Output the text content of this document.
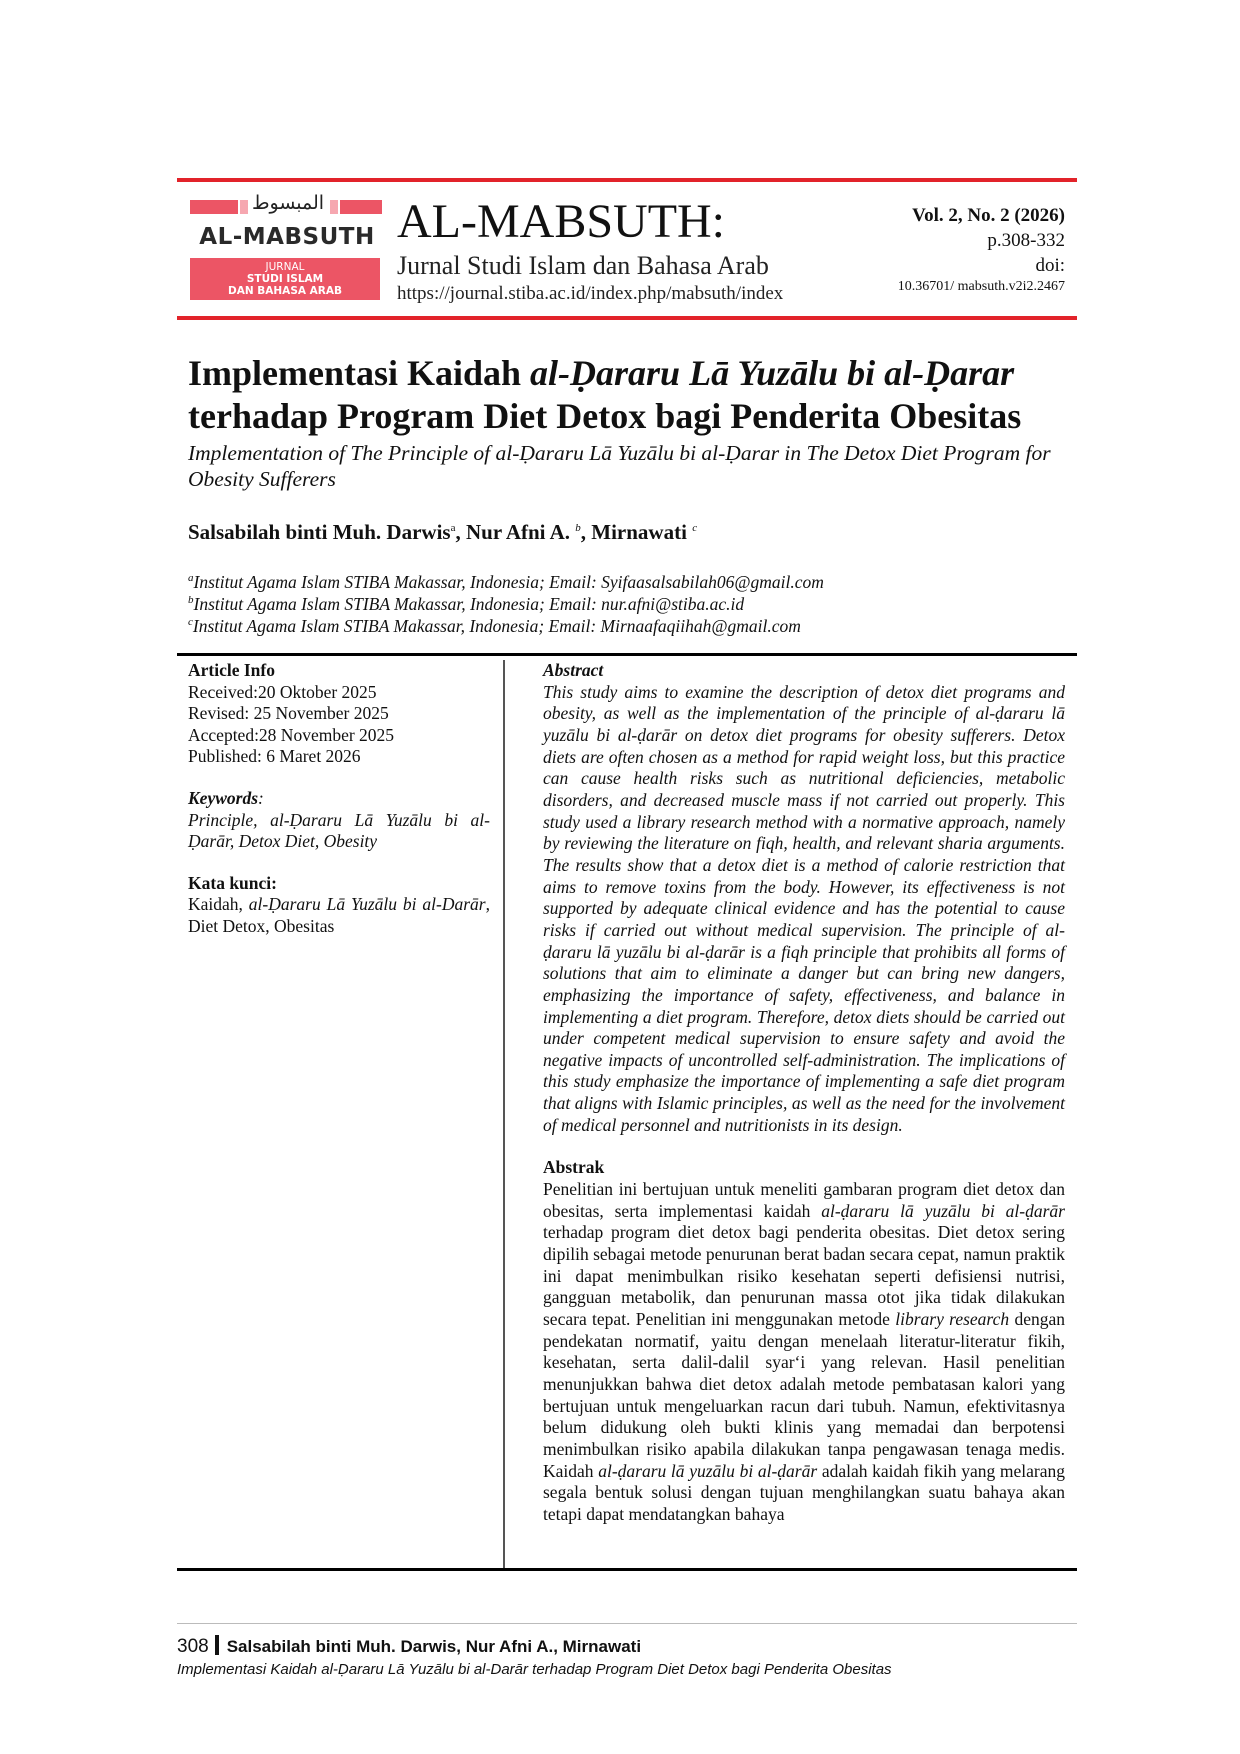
المبسوط
AL-MABSUTH
JURNAL
STUDI ISLAM
DAN BAHASA ARAB
AL-MABSUTH:
Jurnal Studi Islam dan Bahasa Arab
https://journal.stiba.ac.id/index.php/mabsuth/index
Vol. 2, No. 2 (2026)
p.308-332
doi:
10.36701/ mabsuth.v2i2.2467
Implementasi Kaidah al-Ḍararu Lā Yuzālu bi al-Ḍarar
terhadap Program Diet Detox bagi Penderita Obesitas
Implementation of The Principle of al-Ḍararu Lā Yuzālu bi al-Ḍarar in The Detox Diet Program for Obesity Sufferers
Salsabilah binti Muh. Darwis$^a$, Nur Afni A. $^b$, Mirnawati $^c$
$^a$Institut Agama Islam STIBA Makassar, Indonesia; Email: Syifaasalsabilah06@gmail.com
$^b$Institut Agama Islam STIBA Makassar, Indonesia; Email: nur.afni@stiba.ac.id
$^c$Institut Agama Islam STIBA Makassar, Indonesia; Email: Mirnaafaqiihah@gmail.com

Article Info

Received:20 Oktober 2025

Revised: 25 November 2025

Accepted:28 November 2025

Published: 6 Maret 2026

Keywords:

Principle, al-Ḍararu Lā Yuzālu bi al-Ḍarār, Detox Diet, Obesity

Kata kunci:

Kaidah, al-Ḍararu Lā Yuzālu bi al-Darār, Diet Detox, Obesitas

Abstract

This study aims to examine the description of detox diet programs and obesity, as well as the implementation of the principle of al-ḍararu lā yuzālu bi al-ḍarār on detox diet programs for obesity sufferers. Detox diets are often chosen as a method for rapid weight loss, but this practice can cause health risks such as nutritional deficiencies, metabolic disorders, and decreased muscle mass if not carried out properly. This study used a library research method with a normative approach, namely by reviewing the literature on fiqh, health, and relevant sharia arguments. The results show that a detox diet is a method of calorie restriction that aims to remove toxins from the body. However, its effectiveness is not supported by adequate clinical evidence and has the potential to cause risks if carried out without medical supervision. The principle of al-ḍararu lā yuzālu bi al-ḍarār is a fiqh principle that prohibits all forms of solutions that aim to eliminate a danger but can bring new dangers, emphasizing the importance of safety, effectiveness, and balance in implementing a diet program. Therefore, detox diets should be carried out under competent medical supervision to ensure safety and avoid the negative impacts of uncontrolled self-administration. The implications of this study emphasize the importance of implementing a safe diet program that aligns with Islamic principles, as well as the need for the involvement of medical personnel and nutritionists in its design.

Abstrak

Penelitian ini bertujuan untuk meneliti gambaran program diet detox dan obesitas, serta implementasi kaidah al-ḍararu lā yuzālu bi al-ḍarār terhadap program diet detox bagi penderita obesitas. Diet detox sering dipilih sebagai metode penurunan berat badan secara cepat, namun praktik ini dapat menimbulkan risiko kesehatan seperti defisiensi nutrisi, gangguan metabolik, dan penurunan massa otot jika tidak dilakukan secara tepat. Penelitian ini menggunakan metode library research dengan pendekatan normatif, yaitu dengan menelaah literatur-literatur fikih, kesehatan, serta dalil-dalil syar‘i yang relevan. Hasil penelitian menunjukkan bahwa diet detox adalah metode pembatasan kalori yang bertujuan untuk mengeluarkan racun dari tubuh. Namun, efektivitasnya belum didukung oleh bukti klinis yang memadai dan berpotensi menimbulkan risiko apabila dilakukan tanpa pengawasan tenaga medis. Kaidah al-ḍararu lā yuzālu bi al-ḍarār adalah kaidah fikih yang melarang segala bentuk solusi dengan tujuan menghilangkan suatu bahaya akan tetapi dapat mendatangkan bahaya

308 Salsabilah binti Muh. Darwis, Nur Afni A., Mirnawati
Implementasi Kaidah al-Ḍararu Lā Yuzālu bi al-Darār terhadap Program Diet Detox bagi Penderita Obesitas
